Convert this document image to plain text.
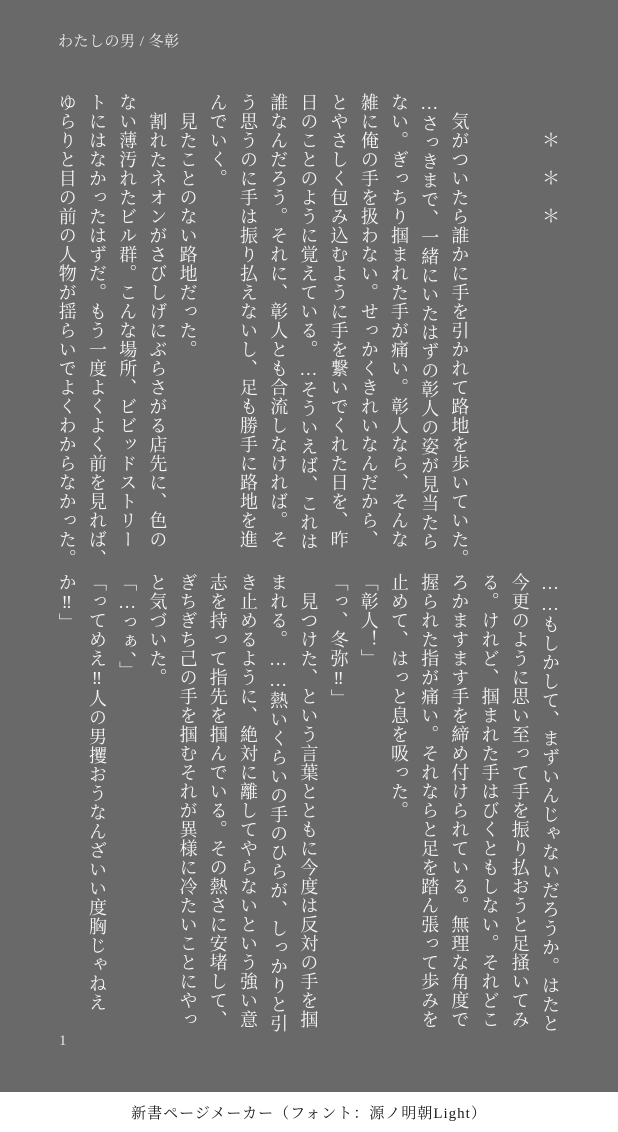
わたしの男 / 冬彰
　　＊　＊　＊
　気がついたら誰かに手を引かれて路地を歩いていた。
…さっきまで、一緒にいたはずの彰人の姿が見当たら
ない。ぎっちり掴まれた手が痛い。彰人なら、そんな
雑に俺の手を扱わない。せっかくきれいなんだから、
とやさしく包み込むように手を繋いでくれた日を、昨
日のことのように覚えている。…そういえば、これは
誰なんだろう。それに、彰人とも合流しなければ。そ
う思うのに手は振り払えないし、足も勝手に路地を進
んでいく。
　見たことのない路地だった。
　割れたネオンがさびしげにぶらさがる店先に、色の
ない薄汚れたビル群。こんな場所、ビビッドストリー
トにはなかったはずだ。もう一度よくよく前を見れば、
ゆらりと目の前の人物が揺らいでよくわからなかった。
……もしかして、まずいんじゃないだろうか。はたと
今更のように思い至って手を振り払おうと足掻いてみ
る。けれど、掴まれた手はびくともしない。それどこ
ろかますます手を締め付けられている。無理な角度で
握られた指が痛い。それならと足を踏ん張って歩みを
止めて、はっと息を吸った。
「彰人！」
「っ、冬弥‼」
　見つけた、という言葉とともに今度は反対の手を掴
まれる。……熱いくらいの手のひらが、しっかりと引
き止めるように、絶対に離してやらないという強い意
志を持って指先を掴んでいる。その熱さに安堵して、
ぎちぎち己の手を掴むそれが異様に冷たいことにやっ
と気づいた。
「…っぁ、」
「ってめえ‼人の男攫おうなんざいい度胸じゃねえ
か‼」
1
新書ページメーカー（フォント：源ノ明朝Light）
